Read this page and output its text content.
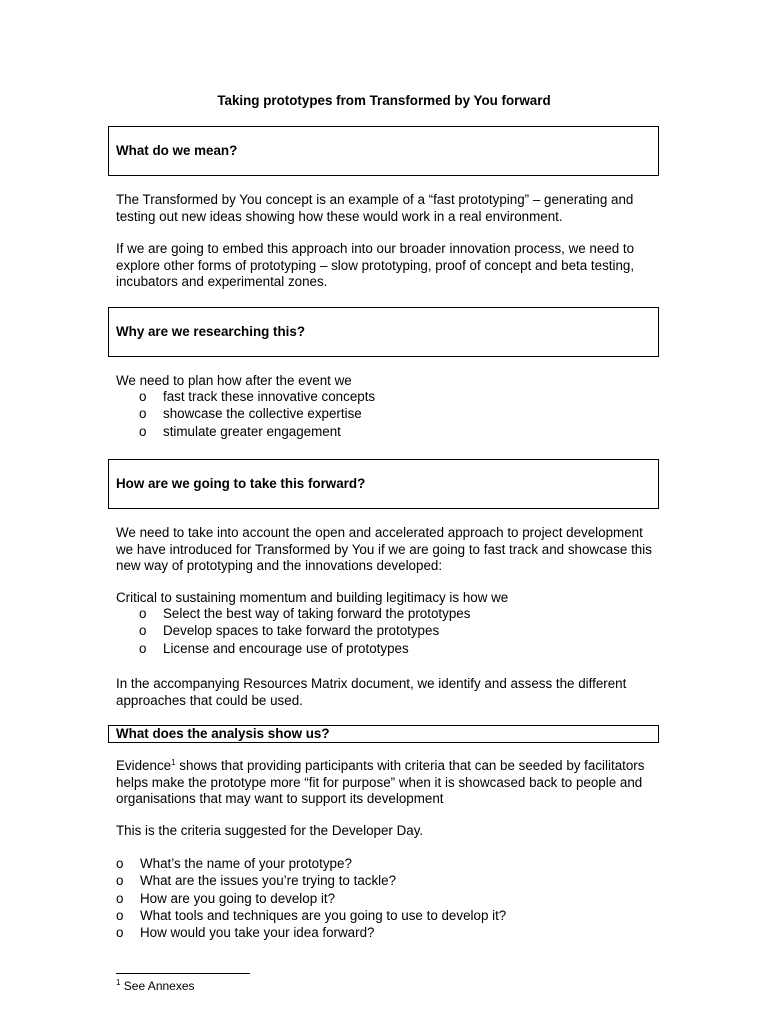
Taking prototypes from Transformed by You forward
What do we mean?

The Transformed by You concept is an example of a “fast prototyping” – generating and testing out new ideas showing how these would work in a real environment.

If we are going to embed this approach into our broader innovation process, we need to explore other forms of prototyping – slow prototyping, proof of concept and beta testing, incubators and experimental zones.

Why are we researching this?

We need to plan how after the event we

o fast track these innovative concepts
o showcase the collective expertise
o stimulate greater engagement
How are we going to take this forward?

We need to take into account the open and accelerated approach to project development we have introduced for Transformed by You if we are going to fast track and showcase this new way of prototyping and the innovations developed:

Critical to sustaining momentum and building legitimacy is how we

o Select the best way of taking forward the prototypes
o Develop spaces to take forward the prototypes
o License and encourage use of prototypes

In the accompanying Resources Matrix document, we identify and assess the different approaches that could be used.

What does the analysis show us?

Evidence$^1$ shows that providing participants with criteria that can be seeded by facilitators helps make the prototype more “fit for purpose” when it is showcased back to people and organisations that may want to support its development

This is the criteria suggested for the Developer Day.

o What’s the name of your prototype?
o What are the issues you’re trying to tackle?
o How are you going to develop it?
o What tools and techniques are you going to use to develop it?
o How would you take your idea forward?
$^1$ See Annexes
